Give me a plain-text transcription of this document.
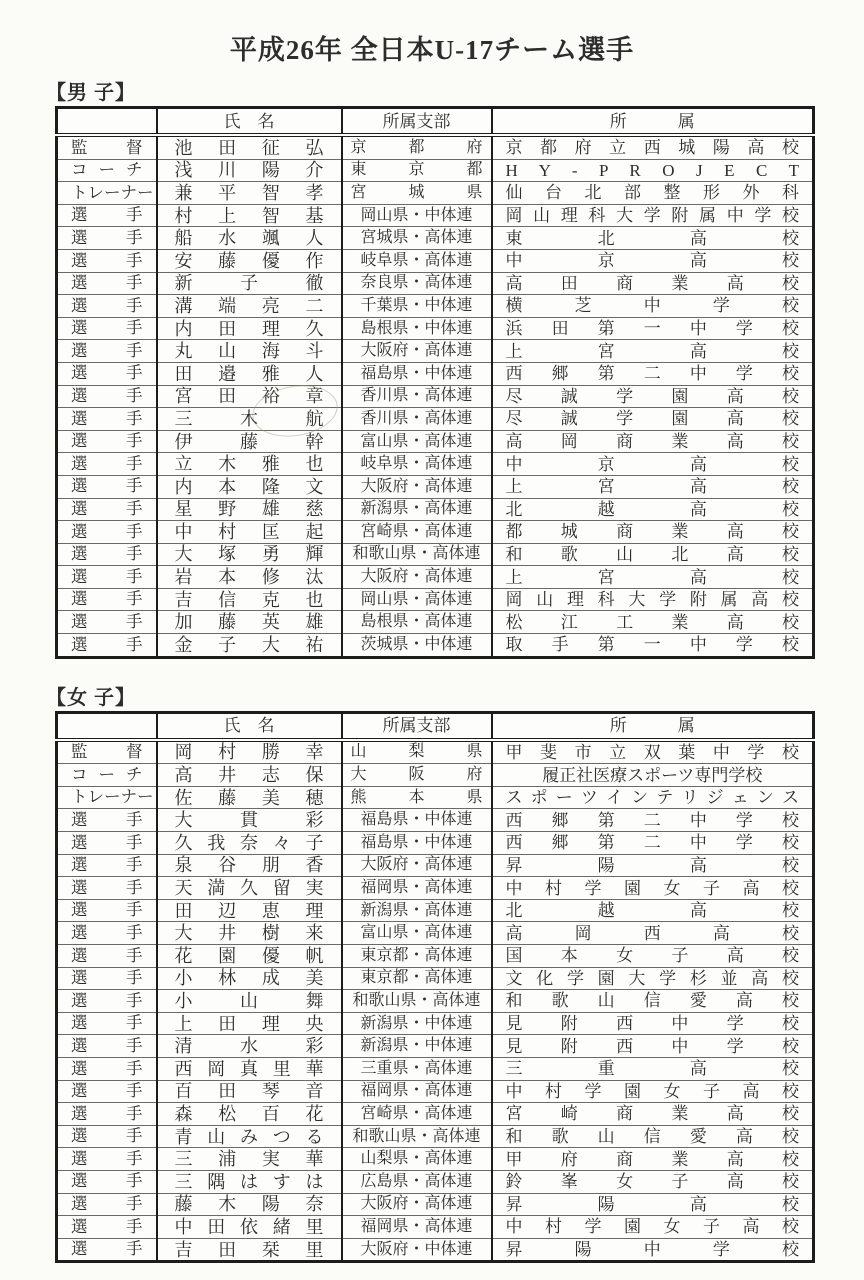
平成26年 全日本U-17チーム選手
【男 子】
	氏　名	所属支部	所　　　属
監 督	池 田 征 弘	京 都 府	京 都 府 立 西 城 陽 高 校
コ ー チ	浅 川 陽 介	東 京 都	H Y - P R O J E C T
トレーナー	兼 平 智 孝	宮 城 県	仙 台 北 部 整 形 外 科
選 手	村 上 智 基	岡山県・中体連	岡 山 理 科 大 学 附 属 中 学 校
選 手	船 水 颯 人	宮城県・高体連	東 北 高 校
選 手	安 藤 優 作	岐阜県・高体連	中 京 高 校
選 手	新 子 徹	奈良県・高体連	高 田 商 業 高 校
選 手	溝 端 亮 二	千葉県・中体連	横 芝 中 学 校
選 手	内 田 理 久	島根県・中体連	浜 田 第 一 中 学 校
選 手	丸 山 海 斗	大阪府・高体連	上 宮 高 校
選 手	田 邉 雅 人	福島県・中体連	西 郷 第 二 中 学 校
選 手	宮 田 裕 章	香川県・高体連	尽 誠 学 園 高 校
選 手	三 木 航	香川県・高体連	尽 誠 学 園 高 校
選 手	伊 藤 幹	富山県・高体連	高 岡 商 業 高 校
選 手	立 木 雅 也	岐阜県・高体連	中 京 高 校
選 手	内 本 隆 文	大阪府・高体連	上 宮 高 校
選 手	星 野 雄 慈	新潟県・高体連	北 越 高 校
選 手	中 村 匡 起	宮崎県・高体連	都 城 商 業 高 校
選 手	大 塚 勇 輝	和歌山県・高体連	和 歌 山 北 高 校
選 手	岩 本 修 汰	大阪府・高体連	上 宮 高 校
選 手	吉 信 克 也	岡山県・高体連	岡 山 理 科 大 学 附 属 高 校
選 手	加 藤 英 雄	島根県・高体連	松 江 工 業 高 校
選 手	金 子 大 祐	茨城県・中体連	取 手 第 一 中 学 校
【女 子】
	氏　名	所属支部	所　　　属
監 督	岡 村 勝 幸	山 梨 県	甲 斐 市 立 双 葉 中 学 校
コ ー チ	高 井 志 保	大 阪 府	履正社医療スポーツ専門学校
トレーナー	佐 藤 美 穂	熊 本 県	ス ポ ー ツ イ ン テ リ ジ ェ ン ス
選 手	大 貫 彩	福島県・中体連	西 郷 第 二 中 学 校
選 手	久 我 奈 々 子	福島県・中体連	西 郷 第 二 中 学 校
選 手	泉 谷 朋 香	大阪府・高体連	昇 陽 高 校
選 手	天 満 久 留 実	福岡県・高体連	中 村 学 園 女 子 高 校
選 手	田 辺 恵 理	新潟県・高体連	北 越 高 校
選 手	大 井 樹 来	富山県・高体連	高 岡 西 高 校
選 手	花 園 優 帆	東京都・高体連	国 本 女 子 高 校
選 手	小 林 成 美	東京都・高体連	文 化 学 園 大 学 杉 並 高 校
選 手	小 山 舞	和歌山県・高体連	和 歌 山 信 愛 高 校
選 手	上 田 理 央	新潟県・中体連	見 附 西 中 学 校
選 手	清 水 彩	新潟県・中体連	見 附 西 中 学 校
選 手	西 岡 真 里 華	三重県・高体連	三 重 高 校
選 手	百 田 琴 音	福岡県・高体連	中 村 学 園 女 子 高 校
選 手	森 松 百 花	宮崎県・高体連	宮 崎 商 業 高 校
選 手	青 山 み つ る	和歌山県・高体連	和 歌 山 信 愛 高 校
選 手	三 浦 実 華	山梨県・高体連	甲 府 商 業 高 校
選 手	三 隅 は す は	広島県・高体連	鈴 峯 女 子 高 校
選 手	藤 木 陽 奈	大阪府・高体連	昇 陽 高 校
選 手	中 田 依 緒 里	福岡県・高体連	中 村 学 園 女 子 高 校
選 手	吉 田 栞 里	大阪府・中体連	昇 陽 中 学 校
